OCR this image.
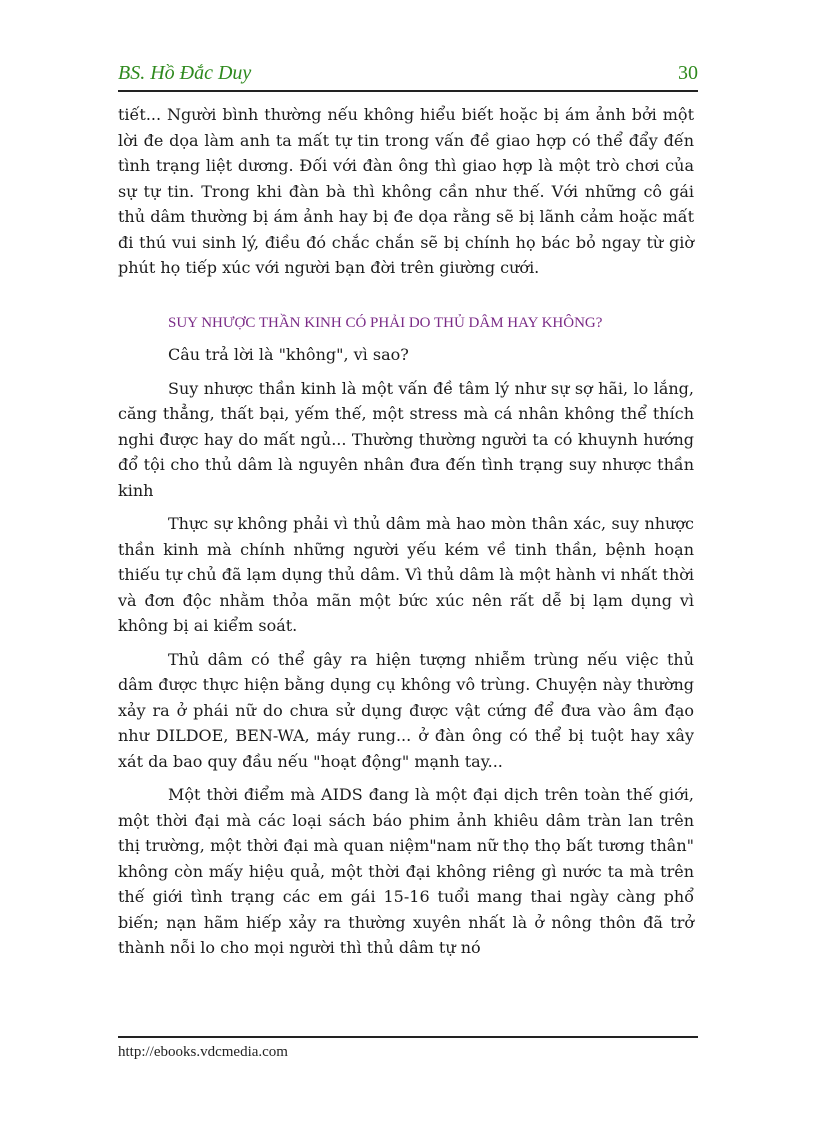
BS. Hồ Đắc Duy	30

tiết... Người bình thường nếu không hiểu biết hoặc bị ám ảnh bởi một lời đe dọa làm anh ta mất tự tin trong vấn đề giao hợp có thể đẩy đến tình trạng liệt dương. Đối với đàn ông thì giao hợp là một trò chơi của sự tự tin. Trong khi đàn bà thì không cần như thế. Với những cô gái thủ dâm thường bị ám ảnh hay bị đe dọa rằng sẽ bị lãnh cảm hoặc mất đi thú vui sinh lý, điều đó chắc chắn sẽ bị chính họ bác bỏ ngay từ giờ phút họ tiếp xúc với người bạn đời trên giường cưới.

SUY NHƯỢC THẦN KINH CÓ PHẢI DO THỦ DÂM HAY KHÔNG?

Câu trả lời là "không", vì sao?

Suy nhược thần kinh là một vấn đề tâm lý như sự sợ hãi, lo lắng, căng thẳng, thất bại, yếm thế, một stress mà cá nhân không thể thích nghi được hay do mất ngủ... Thường thường người ta có khuynh hướng đổ tội cho thủ dâm là nguyên nhân đưa đến tình trạng suy nhược thần kinh

Thực sự không phải vì thủ dâm mà hao mòn thân xác, suy nhược thần kinh mà chính những người yếu kém về tinh thần, bệnh hoạn thiếu tự chủ đã lạm dụng thủ dâm. Vì thủ dâm là một hành vi nhất thời và đơn độc nhằm thỏa mãn một bức xúc nên rất dễ bị lạm dụng vì không bị ai kiểm soát.

Thủ dâm có thể gây ra hiện tượng nhiễm trùng nếu việc thủ dâm được thực hiện bằng dụng cụ không vô trùng. Chuyện này thường xảy ra ở phái nữ do chưa sử dụng được vật cứng để đưa vào âm đạo như DILDOE, BEN-WA, máy rung... ở đàn ông có thể bị tuột hay xây xát da bao quy đầu nếu "hoạt động" mạnh tay...

Một thời điểm mà AIDS đang là một đại dịch trên toàn thế giới, một thời đại mà các loại sách báo phim ảnh khiêu dâm tràn lan trên thị trường, một thời đại mà quan niệm"nam nữ thọ thọ bất tương thân" không còn mấy hiệu quả, một thời đại không riêng gì nước ta mà trên thế giới tình trạng các em gái 15-16 tuổi mang thai ngày càng phổ biến; nạn hãm hiếp xảy ra thường xuyên nhất là ở nông thôn đã trở thành nỗi lo cho mọi người thì thủ dâm tự nó

http://ebooks.vdcmedia.com
